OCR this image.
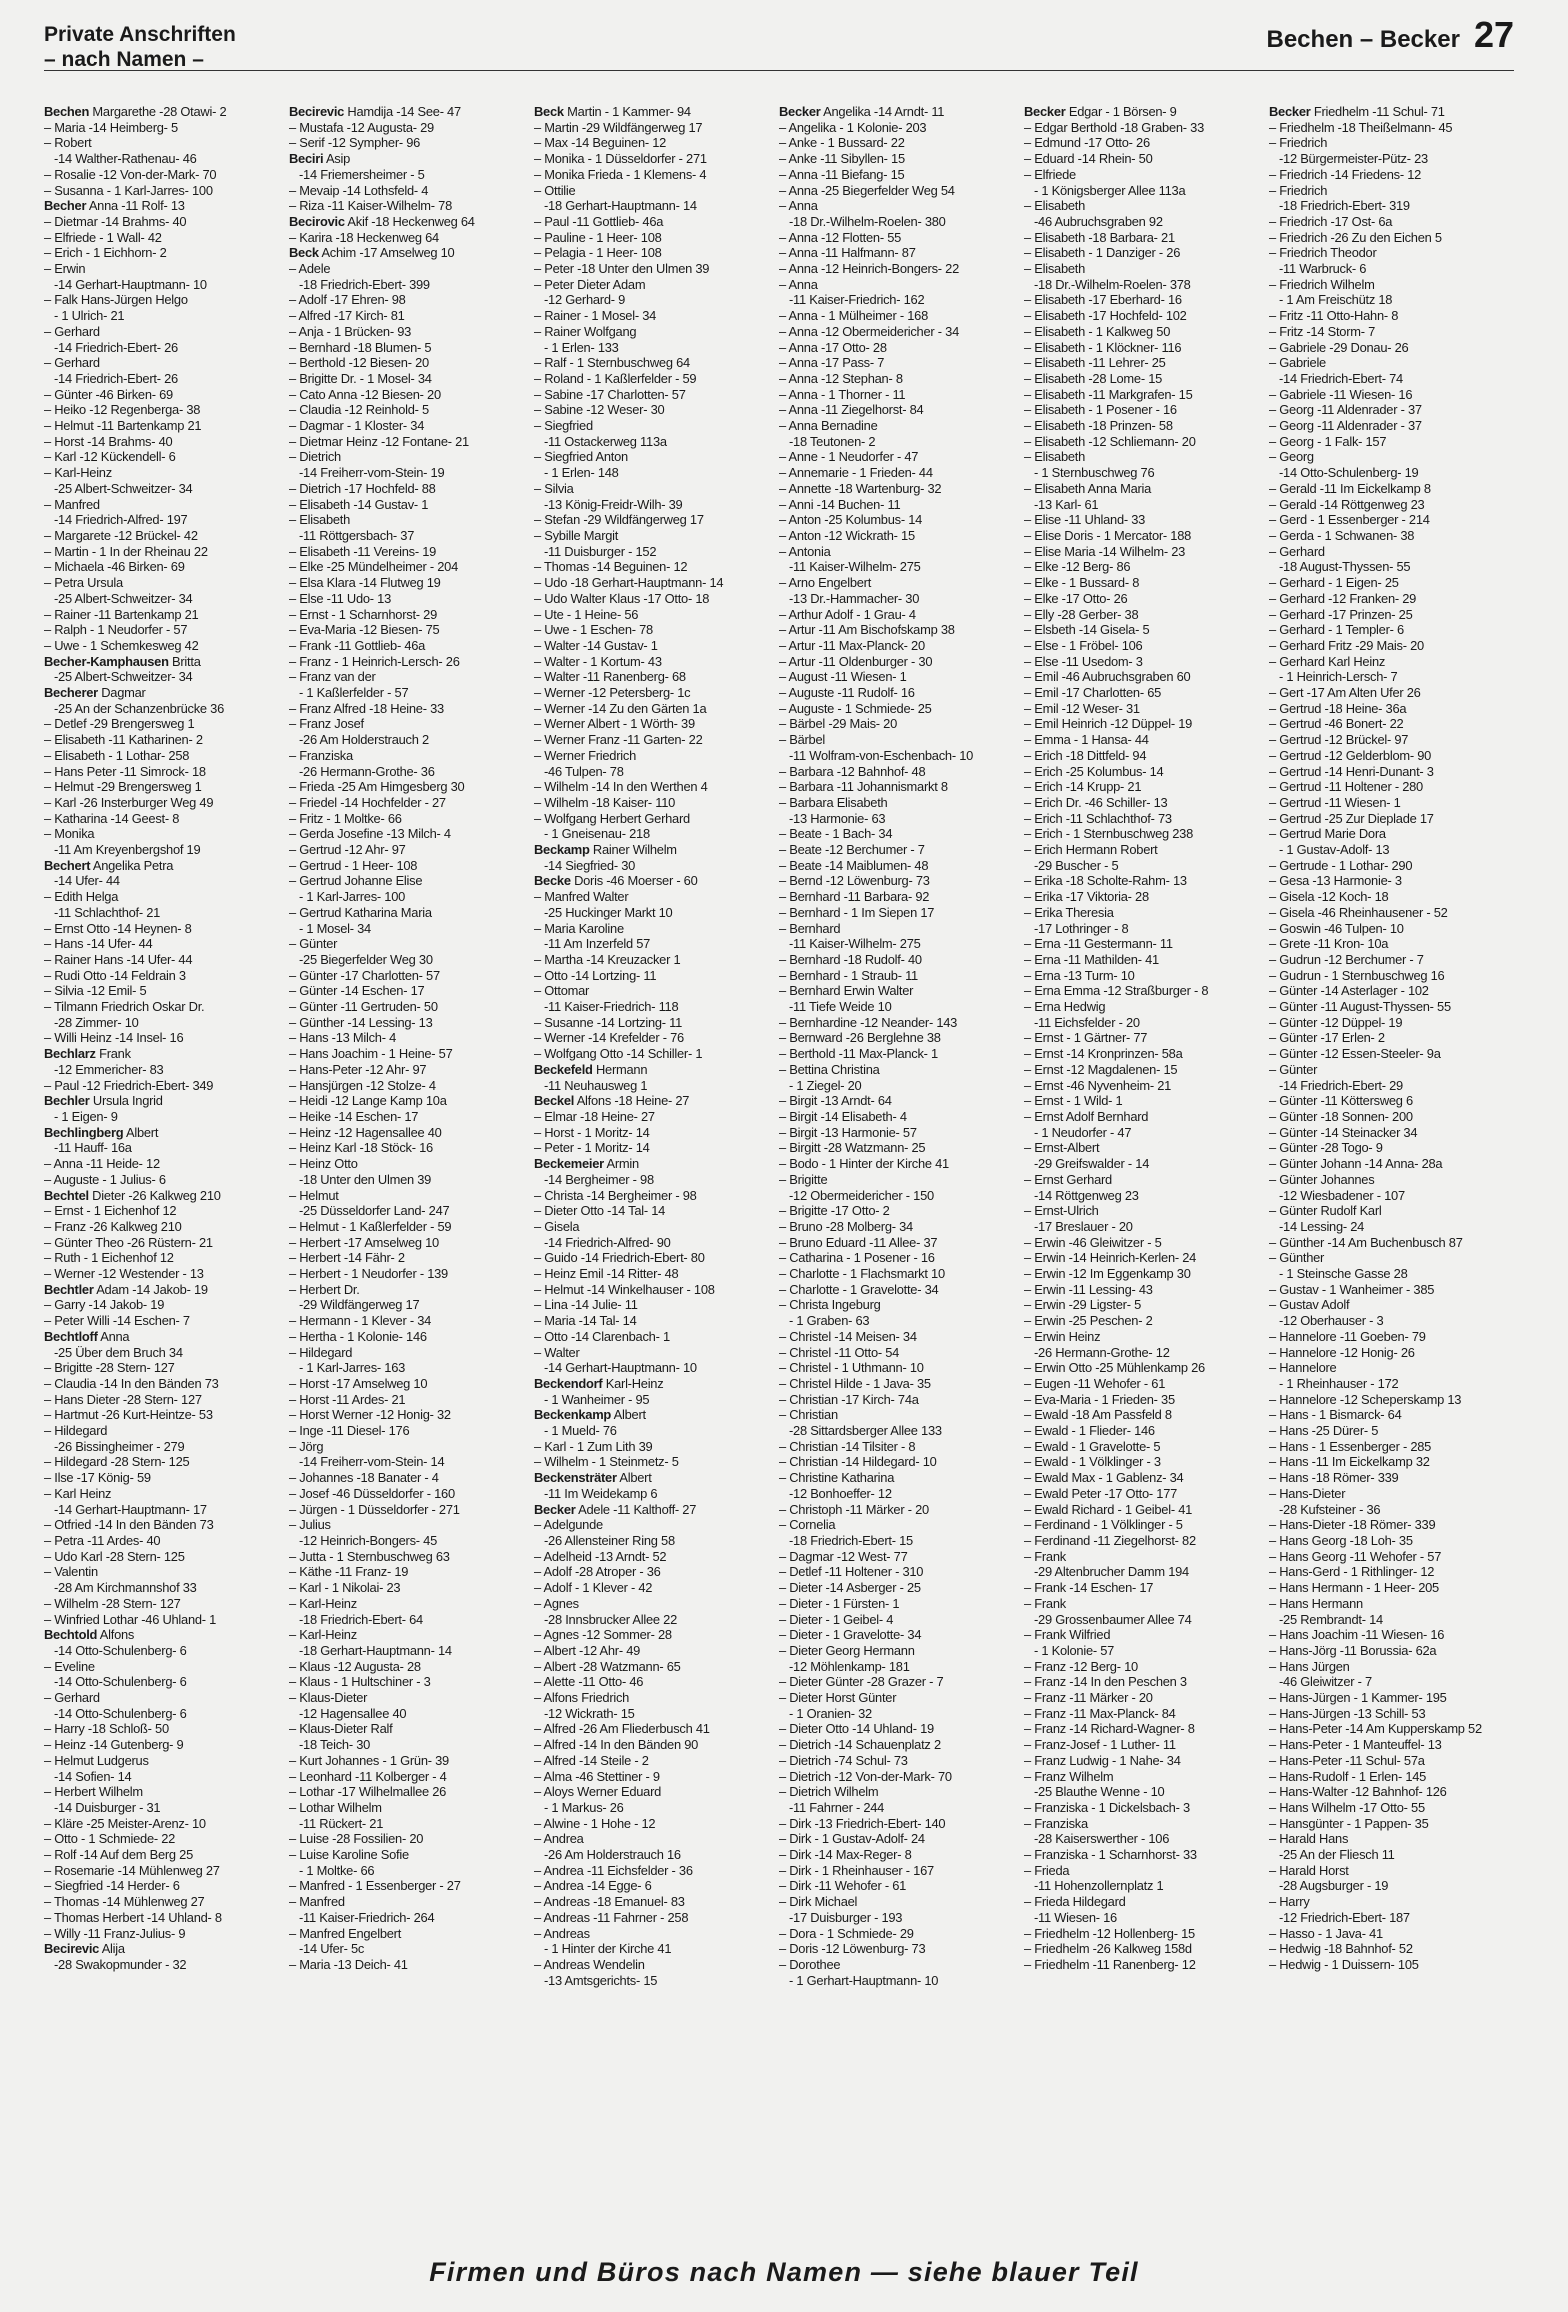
Private Anschriften
– nach Namen –
Bechen – Becker 27
Bechen Margarethe -28 Otawi- 2
– Maria -14 Heimberg- 5
– Robert
-14 Walther-Rathenau- 46
– Rosalie -12 Von-der-Mark- 70
– Susanna - 1 Karl-Jarres- 100
Becher Anna -11 Rolf- 13
– Dietmar -14 Brahms- 40
– Elfriede - 1 Wall- 42
– Erich - 1 Eichhorn- 2
– Erwin
-14 Gerhart-Hauptmann- 10
– Falk Hans-Jürgen Helgo
- 1 Ulrich- 21
– Gerhard
-14 Friedrich-Ebert- 26
– Gerhard
-14 Friedrich-Ebert- 26
– Günter -46 Birken- 69
– Heiko -12 Regenberga- 38
– Helmut -11 Bartenkamp 21
– Horst -14 Brahms- 40
– Karl -12 Kückendell- 6
– Karl-Heinz
-25 Albert-Schweitzer- 34
– Manfred
-14 Friedrich-Alfred- 197
– Margarete -12 Brückel- 42
– Martin - 1 In der Rheinau 22
– Michaela -46 Birken- 69
– Petra Ursula
-25 Albert-Schweitzer- 34
– Rainer -11 Bartenkamp 21
– Ralph - 1 Neudorfer - 57
– Uwe - 1 Schemkesweg 42
Becher-Kamphausen Britta
-25 Albert-Schweitzer- 34
Becherer Dagmar
-25 An der Schanzenbrücke 36
– Detlef -29 Brengersweg 1
– Elisabeth -11 Katharinen- 2
– Elisabeth - 1 Lothar- 258
– Hans Peter -11 Simrock- 18
– Helmut -29 Brengersweg 1
– Karl -26 Insterburger Weg 49
– Katharina -14 Geest- 8
– Monika
-11 Am Kreyenbergshof 19
Bechert Angelika Petra
-14 Ufer- 44
– Edith Helga
-11 Schlachthof- 21
– Ernst Otto -14 Heynen- 8
– Hans -14 Ufer- 44
– Rainer Hans -14 Ufer- 44
– Rudi Otto -14 Feldrain 3
– Silvia -12 Emil- 5
– Tilmann Friedrich Oskar Dr.
-28 Zimmer- 10
– Willi Heinz -14 Insel- 16
Bechlarz Frank
-12 Emmericher- 83
– Paul -12 Friedrich-Ebert- 349
Bechler Ursula Ingrid
- 1 Eigen- 9
Bechlingberg Albert
-11 Hauff- 16a
– Anna -11 Heide- 12
– Auguste - 1 Julius- 6
Bechtel Dieter -26 Kalkweg 210
– Ernst - 1 Eichenhof 12
– Franz -26 Kalkweg 210
– Günter Theo -26 Rüstern- 21
– Ruth - 1 Eichenhof 12
– Werner -12 Westender - 13
Bechtler Adam -14 Jakob- 19
– Garry -14 Jakob- 19
– Peter Willi -14 Eschen- 7
Bechtloff Anna
-25 Über dem Bruch 34
– Brigitte -28 Stern- 127
– Claudia -14 In den Bänden 73
– Hans Dieter -28 Stern- 127
– Hartmut -26 Kurt-Heintze- 53
– Hildegard
-26 Bissingheimer - 279
– Hildegard -28 Stern- 125
– Ilse -17 König- 59
– Karl Heinz
-14 Gerhart-Hauptmann- 17
– Otfried -14 In den Bänden 73
– Petra -11 Ardes- 40
– Udo Karl -28 Stern- 125
– Valentin
-28 Am Kirchmannshof 33
– Wilhelm -28 Stern- 127
– Winfried Lothar -46 Uhland- 1
Bechtold Alfons
-14 Otto-Schulenberg- 6
– Eveline
-14 Otto-Schulenberg- 6
– Gerhard
-14 Otto-Schulenberg- 6
– Harry -18 Schloß- 50
– Heinz -14 Gutenberg- 9
– Helmut Ludgerus
-14 Sofien- 14
– Herbert Wilhelm
-14 Duisburger - 31
– Kläre -25 Meister-Arenz- 10
– Otto - 1 Schmiede- 22
– Rolf -14 Auf dem Berg 25
– Rosemarie -14 Mühlenweg 27
– Siegfried -14 Herder- 6
– Thomas -14 Mühlenweg 27
– Thomas Herbert -14 Uhland- 8
– Willy -11 Franz-Julius- 9
Becirevic Alija
-28 Swakopmunder - 32
Becirevic Hamdija -14 See- 47
– Mustafa -12 Augusta- 29
– Serif -12 Sympher- 96
Beciri Asip
-14 Friemersheimer - 5
– Mevaip -14 Lothsfeld- 4
– Riza -11 Kaiser-Wilhelm- 78
Becirovic Akif -18 Heckenweg 64
– Karira -18 Heckenweg 64
Beck Achim -17 Amselweg 10
– Adele
-18 Friedrich-Ebert- 399
– Adolf -17 Ehren- 98
– Alfred -17 Kirch- 81
– Anja - 1 Brücken- 93
– Bernhard -18 Blumen- 5
– Berthold -12 Biesen- 20
– Brigitte Dr. - 1 Mosel- 34
– Cato Anna -12 Biesen- 20
– Claudia -12 Reinhold- 5
– Dagmar - 1 Kloster- 34
– Dietmar Heinz -12 Fontane- 21
– Dietrich
-14 Freiherr-vom-Stein- 19
– Dietrich -17 Hochfeld- 88
– Elisabeth -14 Gustav- 1
– Elisabeth
-11 Röttgersbach- 37
– Elisabeth -11 Vereins- 19
– Elke -25 Mündelheimer - 204
– Elsa Klara -14 Flutweg 19
– Else -11 Udo- 13
– Ernst - 1 Scharnhorst- 29
– Eva-Maria -12 Biesen- 75
– Frank -11 Gottlieb- 46a
– Franz - 1 Heinrich-Lersch- 26
– Franz van der
- 1 Kaßlerfelder - 57
– Franz Alfred -18 Heine- 33
– Franz Josef
-26 Am Holderstrauch 2
– Franziska
-26 Hermann-Grothe- 36
– Frieda -25 Am Himgesberg 30
– Friedel -14 Hochfelder - 27
– Fritz - 1 Moltke- 66
– Gerda Josefine -13 Milch- 4
– Gertrud -12 Ahr- 97
– Gertrud - 1 Heer- 108
– Gertrud Johanne Elise
- 1 Karl-Jarres- 100
– Gertrud Katharina Maria
- 1 Mosel- 34
– Günter
-25 Biegerfelder Weg 30
– Günter -17 Charlotten- 57
– Günter -14 Eschen- 17
– Günter -11 Gertruden- 50
– Günther -14 Lessing- 13
– Hans -13 Milch- 4
– Hans Joachim - 1 Heine- 57
– Hans-Peter -12 Ahr- 97
– Hansjürgen -12 Stolze- 4
– Heidi -12 Lange Kamp 10a
– Heike -14 Eschen- 17
– Heinz -12 Hagensallee 40
– Heinz Karl -18 Stöck- 16
– Heinz Otto
-18 Unter den Ulmen 39
– Helmut
-25 Düsseldorfer Land- 247
– Helmut - 1 Kaßlerfelder - 59
– Herbert -17 Amselweg 10
– Herbert -14 Fähr- 2
– Herbert - 1 Neudorfer - 139
– Herbert Dr.
-29 Wildfängerweg 17
– Hermann - 1 Klever - 34
– Hertha - 1 Kolonie- 146
– Hildegard
- 1 Karl-Jarres- 163
– Horst -17 Amselweg 10
– Horst -11 Ardes- 21
– Horst Werner -12 Honig- 32
– Inge -11 Diesel- 176
– Jörg
-14 Freiherr-vom-Stein- 14
– Johannes -18 Banater - 4
– Josef -46 Düsseldorfer - 160
– Jürgen - 1 Düsseldorfer - 271
– Julius
-12 Heinrich-Bongers- 45
– Jutta - 1 Sternbuschweg 63
– Käthe -11 Franz- 19
– Karl - 1 Nikolai- 23
– Karl-Heinz
-18 Friedrich-Ebert- 64
– Karl-Heinz
-18 Gerhart-Hauptmann- 14
– Klaus -12 Augusta- 28
– Klaus - 1 Hultschiner - 3
– Klaus-Dieter
-12 Hagensallee 40
– Klaus-Dieter Ralf
-18 Teich- 30
– Kurt Johannes - 1 Grün- 39
– Leonhard -11 Kolberger - 4
– Lothar -17 Wilhelmallee 26
– Lothar Wilhelm
-11 Rückert- 21
– Luise -28 Fossilien- 20
– Luise Karoline Sofie
- 1 Moltke- 66
– Manfred - 1 Essenberger - 27
– Manfred
-11 Kaiser-Friedrich- 264
– Manfred Engelbert
-14 Ufer- 5c
– Maria -13 Deich- 41
Beck Martin - 1 Kammer- 94
– Martin -29 Wildfängerweg 17
– Max -14 Beguinen- 12
– Monika - 1 Düsseldorfer - 271
– Monika Frieda - 1 Klemens- 4
– Ottilie
-18 Gerhart-Hauptmann- 14
– Paul -11 Gottlieb- 46a
– Pauline - 1 Heer- 108
– Pelagia - 1 Heer- 108
– Peter -18 Unter den Ulmen 39
– Peter Dieter Adam
-12 Gerhard- 9
– Rainer - 1 Mosel- 34
– Rainer Wolfgang
- 1 Erlen- 133
– Ralf - 1 Sternbuschweg 64
– Roland - 1 Kaßlerfelder - 59
– Sabine -17 Charlotten- 57
– Sabine -12 Weser- 30
– Siegfried
-11 Ostackerweg 113a
– Siegfried Anton
- 1 Erlen- 148
– Silvia
-13 König-Freidr-Wilh- 39
– Stefan -29 Wildfängerweg 17
– Sybille Margit
-11 Duisburger - 152
– Thomas -14 Beguinen- 12
– Udo -18 Gerhart-Hauptmann- 14
– Udo Walter Klaus -17 Otto- 18
– Ute - 1 Heine- 56
– Uwe - 1 Eschen- 78
– Walter -14 Gustav- 1
– Walter - 1 Kortum- 43
– Walter -11 Ranenberg- 68
– Werner -12 Petersberg- 1c
– Werner -14 Zu den Gärten 1a
– Werner Albert - 1 Wörth- 39
– Werner Franz -11 Garten- 22
– Werner Friedrich
-46 Tulpen- 78
– Wilhelm -14 In den Werthen 4
– Wilhelm -18 Kaiser- 110
– Wolfgang Herbert Gerhard
- 1 Gneisenau- 218
Beckamp Rainer Wilhelm
-14 Siegfried- 30
Becke Doris -46 Moerser - 60
– Manfred Walter
-25 Huckinger Markt 10
– Maria Karoline
-11 Am Inzerfeld 57
– Martha -14 Kreuzacker 1
– Otto -14 Lortzing- 11
– Ottomar
-11 Kaiser-Friedrich- 118
– Susanne -14 Lortzing- 11
– Werner -14 Krefelder - 76
– Wolfgang Otto -14 Schiller- 1
Beckefeld Hermann
-11 Neuhausweg 1
Beckel Alfons -18 Heine- 27
– Elmar -18 Heine- 27
– Horst - 1 Moritz- 14
– Peter - 1 Moritz- 14
Beckemeier Armin
-14 Bergheimer - 98
– Christa -14 Bergheimer - 98
– Dieter Otto -14 Tal- 14
– Gisela
-14 Friedrich-Alfred- 90
– Guido -14 Friedrich-Ebert- 80
– Heinz Emil -14 Ritter- 48
– Helmut -14 Winkelhauser - 108
– Lina -14 Julie- 11
– Maria -14 Tal- 14
– Otto -14 Clarenbach- 1
– Walter
-14 Gerhart-Hauptmann- 10
Beckendorf Karl-Heinz
- 1 Wanheimer - 95
Beckenkamp Albert
- 1 Mueld- 76
– Karl - 1 Zum Lith 39
– Wilhelm - 1 Steinmetz- 5
Beckensträter Albert
-11 Im Weidekamp 6
Becker Adele -11 Kalthoff- 27
– Adelgunde
-26 Allensteiner Ring 58
– Adelheid -13 Arndt- 52
– Adolf -28 Atroper - 36
– Adolf - 1 Klever - 42
– Agnes
-28 Innsbrucker Allee 22
– Agnes -12 Sommer- 28
– Albert -12 Ahr- 49
– Albert -28 Watzmann- 65
– Alette -11 Otto- 46
– Alfons Friedrich
-12 Wickrath- 15
– Alfred -26 Am Fliederbusch 41
– Alfred -14 In den Bänden 90
– Alfred -14 Steile - 2
– Alma -46 Stettiner - 9
– Aloys Werner Eduard
- 1 Markus- 26
– Alwine - 1 Hohe - 12
– Andrea
-26 Am Holderstrauch 16
– Andrea -11 Eichsfelder - 36
– Andrea -14 Egge- 6
– Andreas -18 Emanuel- 83
– Andreas -11 Fahrner - 258
– Andreas
- 1 Hinter der Kirche 41
– Andreas Wendelin
-13 Amtsgerichts- 15
Becker Angelika -14 Arndt- 11
– Angelika - 1 Kolonie- 203
– Anke - 1 Bussard- 22
– Anke -11 Sibyllen- 15
– Anna -11 Biefang- 15
– Anna -25 Biegerfelder Weg 54
– Anna
-18 Dr.-Wilhelm-Roelen- 380
– Anna -12 Flotten- 55
– Anna -11 Halfmann- 87
– Anna -12 Heinrich-Bongers- 22
– Anna
-11 Kaiser-Friedrich- 162
– Anna - 1 Mülheimer - 168
– Anna -12 Obermeidericher - 34
– Anna -17 Otto- 28
– Anna -17 Pass- 7
– Anna -12 Stephan- 8
– Anna - 1 Thorner - 11
– Anna -11 Ziegelhorst- 84
– Anna Bernadine
-18 Teutonen- 2
– Anne - 1 Neudorfer - 47
– Annemarie - 1 Frieden- 44
– Annette -18 Wartenburg- 32
– Anni -14 Buchen- 11
– Anton -25 Kolumbus- 14
– Anton -12 Wickrath- 15
– Antonia
-11 Kaiser-Wilhelm- 275
– Arno Engelbert
-13 Dr.-Hammacher- 30
– Arthur Adolf - 1 Grau- 4
– Artur -11 Am Bischofskamp 38
– Artur -11 Max-Planck- 20
– Artur -11 Oldenburger - 30
– August -11 Wiesen- 1
– Auguste -11 Rudolf- 16
– Auguste - 1 Schmiede- 25
– Bärbel -29 Mais- 20
– Bärbel
-11 Wolfram-von-Eschenbach- 10
– Barbara -12 Bahnhof- 48
– Barbara -11 Johannismarkt 8
– Barbara Elisabeth
-13 Harmonie- 63
– Beate - 1 Bach- 34
– Beate -12 Berchumer - 7
– Beate -14 Maiblumen- 48
– Bernd -12 Löwenburg- 73
– Bernhard -11 Barbara- 92
– Bernhard - 1 Im Siepen 17
– Bernhard
-11 Kaiser-Wilhelm- 275
– Bernhard -18 Rudolf- 40
– Bernhard - 1 Straub- 11
– Bernhard Erwin Walter
-11 Tiefe Weide 10
– Bernhardine -12 Neander- 143
– Bernward -26 Berglehne 38
– Berthold -11 Max-Planck- 1
– Bettina Christina
- 1 Ziegel- 20
– Birgit -13 Arndt- 64
– Birgit -14 Elisabeth- 4
– Birgit -13 Harmonie- 57
– Birgitt -28 Watzmann- 25
– Bodo - 1 Hinter der Kirche 41
– Brigitte
-12 Obermeidericher - 150
– Brigitte -17 Otto- 2
– Bruno -28 Molberg- 34
– Bruno Eduard -11 Allee- 37
– Catharina - 1 Posener - 16
– Charlotte - 1 Flachsmarkt 10
– Charlotte - 1 Gravelotte- 34
– Christa Ingeburg
- 1 Graben- 63
– Christel -14 Meisen- 34
– Christel -11 Otto- 54
– Christel - 1 Uthmann- 10
– Christel Hilde - 1 Java- 35
– Christian -17 Kirch- 74a
– Christian
-28 Sittardsberger Allee 133
– Christian -14 Tilsiter - 8
– Christian -14 Hildegard- 10
– Christine Katharina
-12 Bonhoeffer- 12
– Christoph -11 Märker - 20
– Cornelia
-18 Friedrich-Ebert- 15
– Dagmar -12 West- 77
– Detlef -11 Holtener - 310
– Dieter -14 Asberger - 25
– Dieter - 1 Fürsten- 1
– Dieter - 1 Geibel- 4
– Dieter - 1 Gravelotte- 34
– Dieter Georg Hermann
-12 Möhlenkamp- 181
– Dieter Günter -28 Grazer - 7
– Dieter Horst Günter
- 1 Oranien- 32
– Dieter Otto -14 Uhland- 19
– Dietrich -14 Schauenplatz 2
– Dietrich -74 Schul- 73
– Dietrich -12 Von-der-Mark- 70
– Dietrich Wilhelm
-11 Fahrner - 244
– Dirk -13 Friedrich-Ebert- 140
– Dirk - 1 Gustav-Adolf- 24
– Dirk -14 Max-Reger- 8
– Dirk - 1 Rheinhauser - 167
– Dirk -11 Wehofer - 61
– Dirk Michael
-17 Duisburger - 193
– Dora - 1 Schmiede- 29
– Doris -12 Löwenburg- 73
– Dorothee
- 1 Gerhart-Hauptmann- 10
Becker Edgar - 1 Börsen- 9
– Edgar Berthold -18 Graben- 33
– Edmund -17 Otto- 26
– Eduard -14 Rhein- 50
– Elfriede
- 1 Königsberger Allee 113a
– Elisabeth
-46 Aubruchsgraben 92
– Elisabeth -18 Barbara- 21
– Elisabeth - 1 Danziger - 26
– Elisabeth
-18 Dr.-Wilhelm-Roelen- 378
– Elisabeth -17 Eberhard- 16
– Elisabeth -17 Hochfeld- 102
– Elisabeth - 1 Kalkweg 50
– Elisabeth - 1 Klöckner- 116
– Elisabeth -11 Lehrer- 25
– Elisabeth -28 Lome- 15
– Elisabeth -11 Markgrafen- 15
– Elisabeth - 1 Posener - 16
– Elisabeth -18 Prinzen- 58
– Elisabeth -12 Schliemann- 20
– Elisabeth
- 1 Sternbuschweg 76
– Elisabeth Anna Maria
-13 Karl- 61
– Elise -11 Uhland- 33
– Elise Doris - 1 Mercator- 188
– Elise Maria -14 Wilhelm- 23
– Elke -12 Berg- 86
– Elke - 1 Bussard- 8
– Elke -17 Otto- 26
– Elly -28 Gerber- 38
– Elsbeth -14 Gisela- 5
– Else - 1 Fröbel- 106
– Else -11 Usedom- 3
– Emil -46 Aubruchsgraben 60
– Emil -17 Charlotten- 65
– Emil -12 Weser- 31
– Emil Heinrich -12 Düppel- 19
– Emma - 1 Hansa- 44
– Erich -18 Dittfeld- 94
– Erich -25 Kolumbus- 14
– Erich -14 Krupp- 21
– Erich Dr. -46 Schiller- 13
– Erich -11 Schlachthof- 73
– Erich - 1 Sternbuschweg 238
– Erich Hermann Robert
-29 Buscher - 5
– Erika -18 Scholte-Rahm- 13
– Erika -17 Viktoria- 28
– Erika Theresia
-17 Lothringer - 8
– Erna -11 Gestermann- 11
– Erna -11 Mathilden- 41
– Erna -13 Turm- 10
– Erna Emma -12 Straßburger - 8
– Erna Hedwig
-11 Eichsfelder - 20
– Ernst - 1 Gärtner- 77
– Ernst -14 Kronprinzen- 58a
– Ernst -12 Magdalenen- 15
– Ernst -46 Nyvenheim- 21
– Ernst - 1 Wild- 1
– Ernst Adolf Bernhard
- 1 Neudorfer - 47
– Ernst-Albert
-29 Greifswalder - 14
– Ernst Gerhard
-14 Röttgenweg 23
– Ernst-Ulrich
-17 Breslauer - 20
– Erwin -46 Gleiwitzer - 5
– Erwin -14 Heinrich-Kerlen- 24
– Erwin -12 Im Eggenkamp 30
– Erwin -11 Lessing- 43
– Erwin -29 Ligster- 5
– Erwin -25 Peschen- 2
– Erwin Heinz
-26 Hermann-Grothe- 12
– Erwin Otto -25 Mühlenkamp 26
– Eugen -11 Wehofer - 61
– Eva-Maria - 1 Frieden- 35
– Ewald -18 Am Passfeld 8
– Ewald - 1 Flieder- 146
– Ewald - 1 Gravelotte- 5
– Ewald - 1 Völklinger - 3
– Ewald Max - 1 Gablenz- 34
– Ewald Peter -17 Otto- 177
– Ewald Richard - 1 Geibel- 41
– Ferdinand - 1 Völklinger - 5
– Ferdinand -11 Ziegelhorst- 82
– Frank
-29 Altenbrucher Damm 194
– Frank -14 Eschen- 17
– Frank
-29 Grossenbaumer Allee 74
– Frank Wilfried
- 1 Kolonie- 57
– Franz -12 Berg- 10
– Franz -14 In den Peschen 3
– Franz -11 Märker - 20
– Franz -11 Max-Planck- 84
– Franz -14 Richard-Wagner- 8
– Franz-Josef - 1 Luther- 11
– Franz Ludwig - 1 Nahe- 34
– Franz Wilhelm
-25 Blauthe Wenne - 10
– Franziska - 1 Dickelsbach- 3
– Franziska
-28 Kaiserswerther - 106
– Franziska - 1 Scharnhorst- 33
– Frieda
-11 Hohenzollernplatz 1
– Frieda Hildegard
-11 Wiesen- 16
– Friedhelm -12 Hollenberg- 15
– Friedhelm -26 Kalkweg 158d
– Friedhelm -11 Ranenberg- 12
Becker Friedhelm -11 Schul- 71
– Friedhelm -18 Theißelmann- 45
– Friedrich
-12 Bürgermeister-Pütz- 23
– Friedrich -14 Friedens- 12
– Friedrich
-18 Friedrich-Ebert- 319
– Friedrich -17 Ost- 6a
– Friedrich -26 Zu den Eichen 5
– Friedrich Theodor
-11 Warbruck- 6
– Friedrich Wilhelm
- 1 Am Freischütz 18
– Fritz -11 Otto-Hahn- 8
– Fritz -14 Storm- 7
– Gabriele -29 Donau- 26
– Gabriele
-14 Friedrich-Ebert- 74
– Gabriele -11 Wiesen- 16
– Georg -11 Aldenrader - 37
– Georg -11 Aldenrader - 37
– Georg - 1 Falk- 157
– Georg
-14 Otto-Schulenberg- 19
– Gerald -11 Im Eickelkamp 8
– Gerald -14 Röttgenweg 23
– Gerd - 1 Essenberger - 214
– Gerda - 1 Schwanen- 38
– Gerhard
-18 August-Thyssen- 55
– Gerhard - 1 Eigen- 25
– Gerhard -12 Franken- 29
– Gerhard -17 Prinzen- 25
– Gerhard - 1 Templer- 6
– Gerhard Fritz -29 Mais- 20
– Gerhard Karl Heinz
- 1 Heinrich-Lersch- 7
– Gert -17 Am Alten Ufer 26
– Gertrud -18 Heine- 36a
– Gertrud -46 Bonert- 22
– Gertrud -12 Brückel- 97
– Gertrud -12 Gelderblom- 90
– Gertrud -14 Henri-Dunant- 3
– Gertrud -11 Holtener - 280
– Gertrud -11 Wiesen- 1
– Gertrud -25 Zur Dieplade 17
– Gertrud Marie Dora
- 1 Gustav-Adolf- 13
– Gertrude - 1 Lothar- 290
– Gesa -13 Harmonie- 3
– Gisela -12 Koch- 18
– Gisela -46 Rheinhausener - 52
– Goswin -46 Tulpen- 10
– Grete -11 Kron- 10a
– Gudrun -12 Berchumer - 7
– Gudrun - 1 Sternbuschweg 16
– Günter -14 Asterlager - 102
– Günter -11 August-Thyssen- 55
– Günter -12 Düppel- 19
– Günter -17 Erlen- 2
– Günter -12 Essen-Steeler- 9a
– Günter
-14 Friedrich-Ebert- 29
– Günter -11 Köttersweg 6
– Günter -18 Sonnen- 200
– Günter -14 Steinacker 34
– Günter -28 Togo- 9
– Günter Johann -14 Anna- 28a
– Günter Johannes
-12 Wiesbadener - 107
– Günter Rudolf Karl
-14 Lessing- 24
– Günther -14 Am Buchenbusch 87
– Günther
- 1 Steinsche Gasse 28
– Gustav - 1 Wanheimer - 385
– Gustav Adolf
-12 Oberhauser - 3
– Hannelore -11 Goeben- 79
– Hannelore -12 Honig- 26
– Hannelore
- 1 Rheinhauser - 172
– Hannelore -12 Scheperskamp 13
– Hans - 1 Bismarck- 64
– Hans -25 Dürer- 5
– Hans - 1 Essenberger - 285
– Hans -11 Im Eickelkamp 32
– Hans -18 Römer- 339
– Hans-Dieter
-28 Kufsteiner - 36
– Hans-Dieter -18 Römer- 339
– Hans Georg -18 Loh- 35
– Hans Georg -11 Wehofer - 57
– Hans-Gerd - 1 Rithlinger- 12
– Hans Hermann - 1 Heer- 205
– Hans Hermann
-25 Rembrandt- 14
– Hans Joachim -11 Wiesen- 16
– Hans-Jörg -11 Borussia- 62a
– Hans Jürgen
-46 Gleiwitzer - 7
– Hans-Jürgen - 1 Kammer- 195
– Hans-Jürgen -13 Schill- 53
– Hans-Peter -14 Am Kupperskamp 52
– Hans-Peter - 1 Manteuffel- 13
– Hans-Peter -11 Schul- 57a
– Hans-Rudolf - 1 Erlen- 145
– Hans-Walter -12 Bahnhof- 126
– Hans Wilhelm -17 Otto- 55
– Hansgünter - 1 Pappen- 35
– Harald Hans
-25 An der Fliesch 11
– Harald Horst
-28 Augsburger - 19
– Harry
-12 Friedrich-Ebert- 187
– Hasso - 1 Java- 41
– Hedwig -18 Bahnhof- 52
– Hedwig - 1 Duissern- 105
Firmen und Büros nach Namen — siehe blauer Teil
